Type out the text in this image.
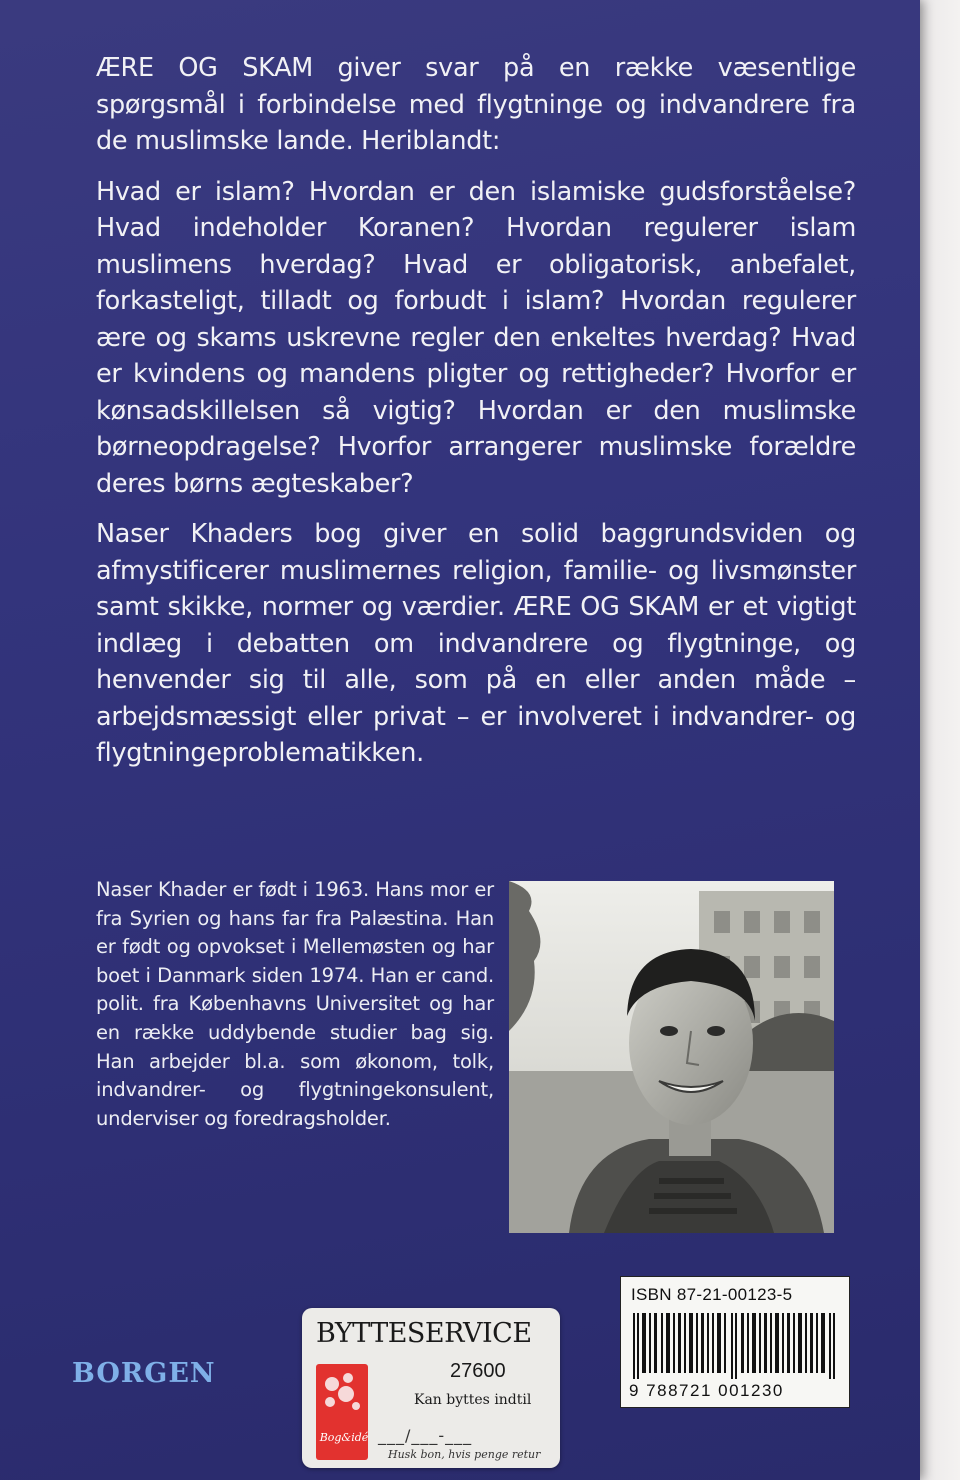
ÆRE OG SKAM giver svar på en række væsentlige spørgsmål i forbindelse med flygtninge og indvandrere fra de muslimske lande. Heriblandt:

Hvad er islam? Hvordan er den islamiske gudsforståelse? Hvad indeholder Koranen? Hvordan regulerer islam muslimens hverdag? Hvad er obligatorisk, anbefalet, forkasteligt, tilladt og forbudt i islam? Hvordan regulerer ære og skams uskrevne regler den enkeltes hverdag? Hvad er kvindens og mandens pligter og rettigheder? Hvorfor er kønsadskillelsen så vigtig? Hvordan er den muslimske børneopdragelse? Hvorfor arrangerer muslimske forældre deres børns ægteskaber?

Naser Khaders bog giver en solid baggrundsviden og afmystificerer muslimernes religion, familie- og livsmønster samt skikke, normer og værdier. ÆRE OG SKAM er et vigtigt indlæg i debatten om indvandrere og flygtninge, og henvender sig til alle, som på en eller anden måde – arbejdsmæssigt eller privat – er involveret i indvandrer- og flygtningeproblematikken.

Naser Khader er født i 1963. Hans mor er fra Syrien og hans far fra Palæstina. Han er født og opvokset i Mellemøsten og har boet i Danmark siden 1974. Han er cand. polit. fra Københavns Universitet og har en række uddybende studier bag sig. Han arbejder bl.a. som økonom, tolk, indvandrer- og flygtningekonsulent, underviser og foredragsholder.
ISBN 87-21-00123-5
9 788721 001230
BORGEN
BYTTESERVICE
Bog&idé
27600
Kan byttes indtil
___/___-___
Husk bon, hvis penge retur
